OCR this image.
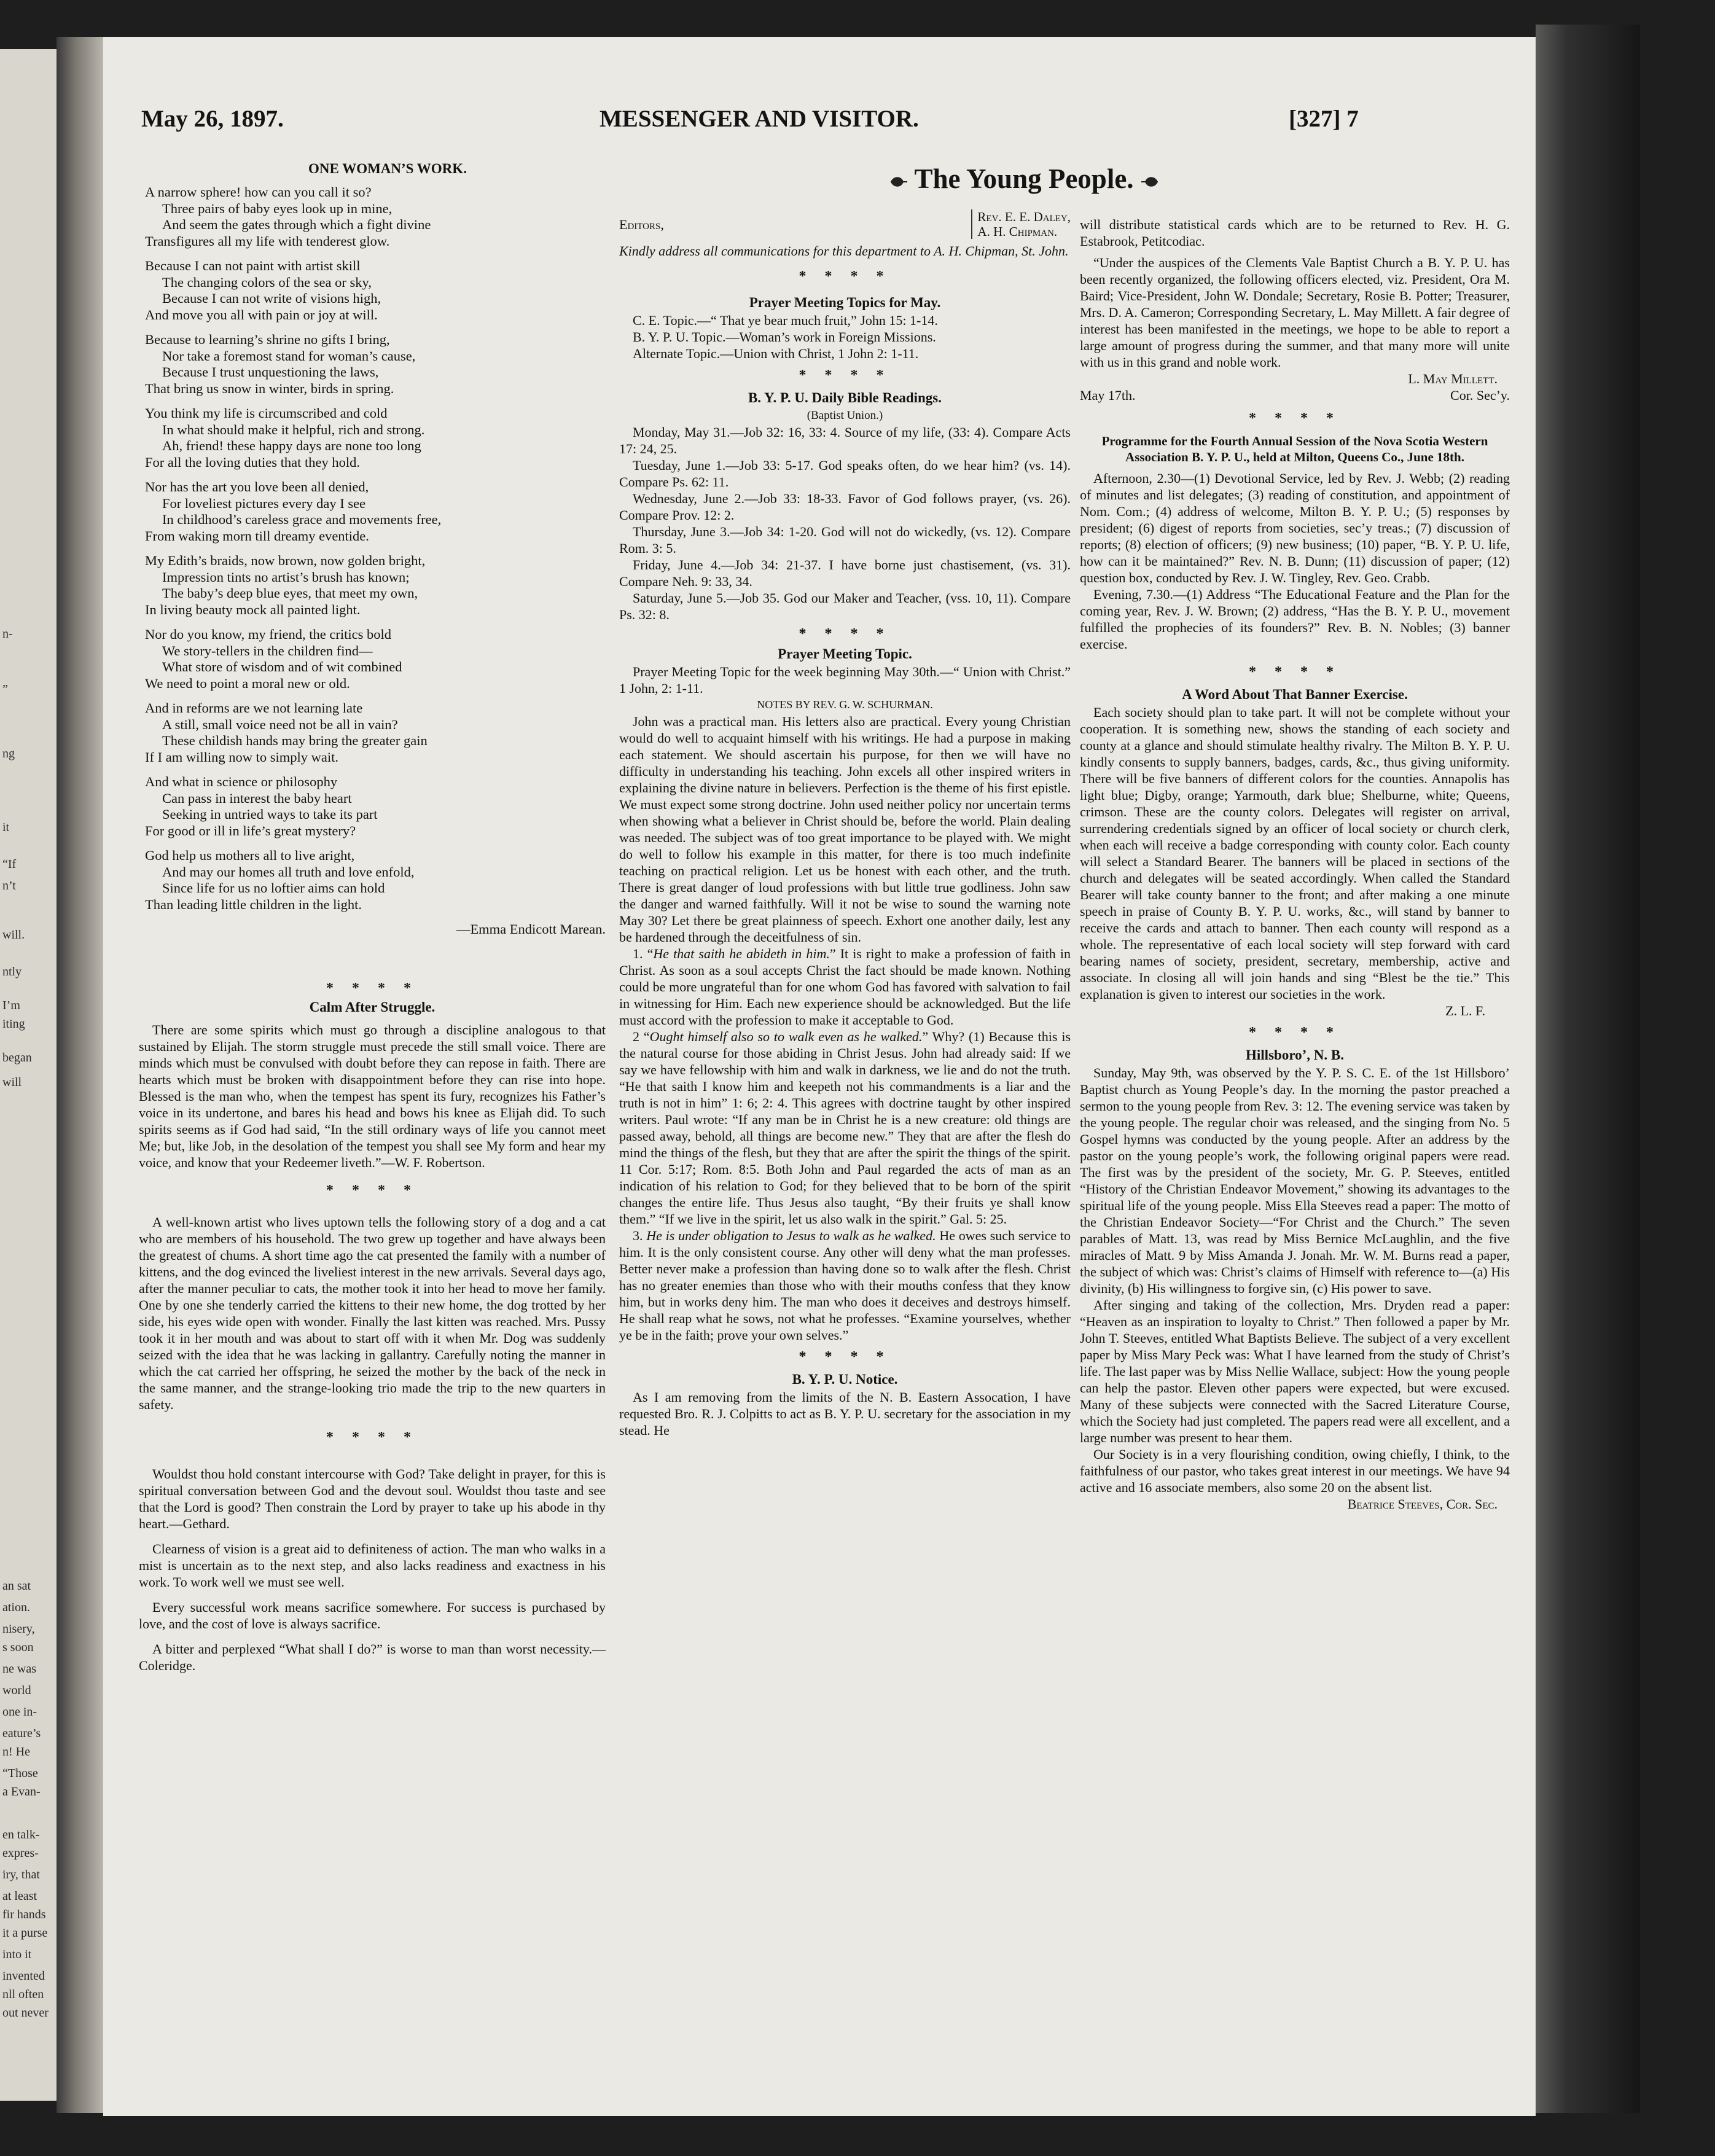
n-
”
ng
it
“If
n’t
will.
ntly
I’m
iting
began
will
an sat
ation.
nisery,
s soon
ne was
world
one in-
eature’s
n! He
“Those
a Evan-
en talk-
expres-
iry, that
at least
fir hands
it a purse
into it
invented
nll often
out never
May 26, 1897.	MESSENGER AND VISITOR.	[327] 7
ONE WOMAN’S WORK.

A narrow sphere! how can you call it so?

Three pairs of baby eyes look up in mine,

And seem the gates through which a fight divine

Transfigures all my life with tenderest glow.

Because I can not paint with artist skill

The changing colors of the sea or sky,

Because I can not write of visions high,

And move you all with pain or joy at will.

Because to learning’s shrine no gifts I bring,

Nor take a foremost stand for woman’s cause,

Because I trust unquestioning the laws,

That bring us snow in winter, birds in spring.

You think my life is circumscribed and cold

In what should make it helpful, rich and strong.

Ah, friend! these happy days are none too long

For all the loving duties that they hold.

Nor has the art you love been all denied,

For loveliest pictures every day I see

In childhood’s careless grace and movements free,

From waking morn till dreamy eventide.

My Edith’s braids, now brown, now golden bright,

Impression tints no artist’s brush has known;

The baby’s deep blue eyes, that meet my own,

In living beauty mock all painted light.

Nor do you know, my friend, the critics bold

We story-tellers in the children find—

What store of wisdom and of wit combined

We need to point a moral new or old.

And in reforms are we not learning late

A still, small voice need not be all in vain?

These childish hands may bring the greater gain

If I am willing now to simply wait.

And what in science or philosophy

Can pass in interest the baby heart

Seeking in untried ways to take its part

For good or ill in life’s great mystery?

God help us mothers all to live aright,

And may our homes all truth and love enfold,

Since life for us no loftier aims can hold

Than leading little children in the light.

—Emma Endicott Marean.

* * * *
Calm After Struggle.

There are some spirits which must go through a discipline analogous to that sustained by Elijah. The storm struggle must precede the still small voice. There are minds which must be convulsed with doubt before they can repose in faith. There are hearts which must be broken with disappointment before they can rise into hope. Blessed is the man who, when the tempest has spent its fury, recognizes his Father’s voice in its undertone, and bares his head and bows his knee as Elijah did. To such spirits seems as if God had said, “In the still ordinary ways of life you cannot meet Me; but, like Job, in the desolation of the tempest you shall see My form and hear my voice, and know that your Redeemer liveth.”—W. F. Robertson.

* * * *

A well-known artist who lives uptown tells the following story of a dog and a cat who are members of his household. The two grew up together and have always been the greatest of chums. A short time ago the cat presented the family with a number of kittens, and the dog evinced the liveliest interest in the new arrivals. Several days ago, after the manner peculiar to cats, the mother took it into her head to move her family. One by one she tenderly carried the kittens to their new home, the dog trotted by her side, his eyes wide open with wonder. Finally the last kitten was reached. Mrs. Pussy took it in her mouth and was about to start off with it when Mr. Dog was suddenly seized with the idea that he was lacking in gallantry. Carefully noting the manner in which the cat carried her offspring, he seized the mother by the back of the neck in the same manner, and the strange-looking trio made the trip to the new quarters in safety.

* * * *

Wouldst thou hold constant intercourse with God? Take delight in prayer, for this is spiritual conversation between God and the devout soul. Wouldst thou taste and see that the Lord is good? Then constrain the Lord by prayer to take up his abode in thy heart.—Gethard.

Clearness of vision is a great aid to definiteness of action. The man who walks in a mist is uncertain as to the next step, and also lacks readiness and exactness in his work. To work well we must see well.

Every successful work means sacrifice somewhere. For success is purchased by love, and the cost of love is always sacrifice.

A bitter and perplexed “What shall I do?” is worse to man than worst necessity.—Coleridge.

The Young People.
Editors,	Rev. E. E. Daley,
A. H. Chipman.

Kindly address all communications for this department to A. H. Chipman, St. John.

* * * *
Prayer Meeting Topics for May.

C. E. Topic.—“ That ye bear much fruit,” John 15: 1-14.

B. Y. P. U. Topic.—Woman’s work in Foreign Missions.

Alternate Topic.—Union with Christ, 1 John 2: 1-11.

* * * *
B. Y. P. U. Daily Bible Readings.
(Baptist Union.)

Monday, May 31.—Job 32: 16, 33: 4. Source of my life, (33: 4). Compare Acts 17: 24, 25.

Tuesday, June 1.—Job 33: 5-17. God speaks often, do we hear him? (vs. 14). Compare Ps. 62: 11.

Wednesday, June 2.—Job 33: 18-33. Favor of God follows prayer, (vs. 26). Compare Prov. 12: 2.

Thursday, June 3.—Job 34: 1-20. God will not do wickedly, (vs. 12). Compare Rom. 3: 5.

Friday, June 4.—Job 34: 21-37. I have borne just chastisement, (vs. 31). Compare Neh. 9: 33, 34.

Saturday, June 5.—Job 35. God our Maker and Teacher, (vss. 10, 11). Compare Ps. 32: 8.

* * * *
Prayer Meeting Topic.

Prayer Meeting Topic for the week beginning May 30th.—“ Union with Christ.” 1 John, 2: 1-11.

NOTES BY REV. G. W. SCHURMAN.

John was a practical man. His letters also are practical. Every young Christian would do well to acquaint himself with his writings. He had a purpose in making each statement. We should ascertain his purpose, for then we will have no difficulty in understanding his teaching. John excels all other inspired writers in explaining the divine nature in believers. Perfection is the theme of his first epistle. We must expect some strong doctrine. John used neither policy nor uncertain terms when showing what a believer in Christ should be, before the world. Plain dealing was needed. The subject was of too great importance to be played with. We might do well to follow his example in this matter, for there is too much indefinite teaching on practical religion. Let us be honest with each other, and the truth. There is great danger of loud professions with but little true godliness. John saw the danger and warned faithfully. Will it not be wise to sound the warning note May 30? Let there be great plainness of speech. Exhort one another daily, lest any be hardened through the deceitfulness of sin.

1. “He that saith he abideth in him.” It is right to make a profession of faith in Christ. As soon as a soul accepts Christ the fact should be made known. Nothing could be more ungrateful than for one whom God has favored with salvation to fail in witnessing for Him. Each new experience should be acknowledged. But the life must accord with the profession to make it acceptable to God.

2 “Ought himself also so to walk even as he walked.” Why? (1) Because this is the natural course for those abiding in Christ Jesus. John had already said: If we say we have fellowship with him and walk in darkness, we lie and do not the truth. “He that saith I know him and keepeth not his commandments is a liar and the truth is not in him” 1: 6; 2: 4. This agrees with doctrine taught by other inspired writers. Paul wrote: “If any man be in Christ he is a new creature: old things are passed away, behold, all things are become new.” They that are after the flesh do mind the things of the flesh, but they that are after the spirit the things of the spirit. 11 Cor. 5:17; Rom. 8:5. Both John and Paul regarded the acts of man as an indication of his relation to God; for they believed that to be born of the spirit changes the entire life. Thus Jesus also taught, “By their fruits ye shall know them.” “If we live in the spirit, let us also walk in the spirit.” Gal. 5: 25.

3. He is under obligation to Jesus to walk as he walked. He owes such service to him. It is the only consistent course. Any other will deny what the man professes. Better never make a profession than having done so to walk after the flesh. Christ has no greater enemies than those who with their mouths confess that they know him, but in works deny him. The man who does it deceives and destroys himself. He shall reap what he sows, not what he professes. “Examine yourselves, whether ye be in the faith; prove your own selves.”

* * * *
B. Y. P. U. Notice.

As I am removing from the limits of the N. B. Eastern Assocation, I have requested Bro. R. J. Colpitts to act as B. Y. P. U. secretary for the association in my stead. He

will distribute statistical cards which are to be returned to Rev. H. G. Estabrook, Petitcodiac.

“Under the auspices of the Clements Vale Baptist Church a B. Y. P. U. has been recently organized, the following officers elected, viz. President, Ora M. Baird; Vice-President, John W. Dondale; Secretary, Rosie B. Potter; Treasurer, Mrs. D. A. Cameron; Corresponding Secretary, L. May Millett. A fair degree of interest has been manifested in the meetings, we hope to be able to report a large amount of progress during the summer, and that many more will unite with us in this grand and noble work.

L. May Millett.
May 17th.	Cor. Sec’y.
* * * *
Programme for the Fourth Annual Session of the Nova Scotia Western Association B. Y. P. U., held at Milton, Queens Co., June 18th.

Afternoon, 2.30—(1) Devotional Service, led by Rev. J. Webb; (2) reading of minutes and list delegates; (3) reading of constitution, and appointment of Nom. Com.; (4) address of welcome, Milton B. Y. P. U.; (5) responses by president; (6) digest of reports from societies, sec’y treas.; (7) discussion of reports; (8) election of officers; (9) new business; (10) paper, “B. Y. P. U. life, how can it be maintained?” Rev. N. B. Dunn; (11) discussion of paper; (12) question box, conducted by Rev. J. W. Tingley, Rev. Geo. Crabb.

Evening, 7.30.—(1) Address “The Educational Feature and the Plan for the coming year, Rev. J. W. Brown; (2) address, “Has the B. Y. P. U., movement fulfilled the prophecies of its founders?” Rev. B. N. Nobles; (3) banner exercise.

* * * *
A Word About That Banner Exercise.

Each society should plan to take part. It will not be complete without your cooperation. It is something new, shows the standing of each society and county at a glance and should stimulate healthy rivalry. The Milton B. Y. P. U. kindly consents to supply banners, badges, cards, &c., thus giving uniformity. There will be five banners of different colors for the counties. Annapolis has light blue; Digby, orange; Yarmouth, dark blue; Shelburne, white; Queens, crimson. These are the county colors. Delegates will register on arrival, surrendering credentials signed by an officer of local society or church clerk, when each will receive a badge corresponding with county color. Each county will select a Standard Bearer. The banners will be placed in sections of the church and delegates will be seated accordingly. When called the Standard Bearer will take county banner to the front; and after making a one minute speech in praise of County B. Y. P. U. works, &c., will stand by banner to receive the cards and attach to banner. Then each county will respond as a whole. The representative of each local society will step forward with card bearing names of society, president, secretary, membership, active and associate. In closing all will join hands and sing “Blest be the tie.” This explanation is given to interest our societies in the work.

Z. L. F.
* * * *
Hillsboro’, N. B.

Sunday, May 9th, was observed by the Y. P. S. C. E. of the 1st Hillsboro’ Baptist church as Young People’s day. In the morning the pastor preached a sermon to the young people from Rev. 3: 12. The evening service was taken by the young people. The regular choir was released, and the singing from No. 5 Gospel hymns was conducted by the young people. After an address by the pastor on the young people’s work, the following original papers were read. The first was by the president of the society, Mr. G. P. Steeves, entitled “History of the Christian Endeavor Movement,” showing its advantages to the spiritual life of the young people. Miss Ella Steeves read a paper: The motto of the Christian Endeavor Society—“For Christ and the Church.” The seven parables of Matt. 13, was read by Miss Bernice McLaughlin, and the five miracles of Matt. 9 by Miss Amanda J. Jonah. Mr. W. M. Burns read a paper, the subject of which was: Christ’s claims of Himself with reference to—(a) His divinity, (b) His willingness to forgive sin, (c) His power to save.

After singing and taking of the collection, Mrs. Dryden read a paper: “Heaven as an inspiration to loyalty to Christ.” Then followed a paper by Mr. John T. Steeves, entitled What Baptists Believe. The subject of a very excellent paper by Miss Mary Peck was: What I have learned from the study of Christ’s life. The last paper was by Miss Nellie Wallace, subject: How the young people can help the pastor. Eleven other papers were expected, but were excused. Many of these subjects were connected with the Sacred Literature Course, which the Society had just completed. The papers read were all excellent, and a large number was present to hear them.

Our Society is in a very flourishing condition, owing chiefly, I think, to the faithfulness of our pastor, who takes great interest in our meetings. We have 94 active and 16 associate members, also some 20 on the absent list.

Beatrice Steeves, Cor. Sec.
